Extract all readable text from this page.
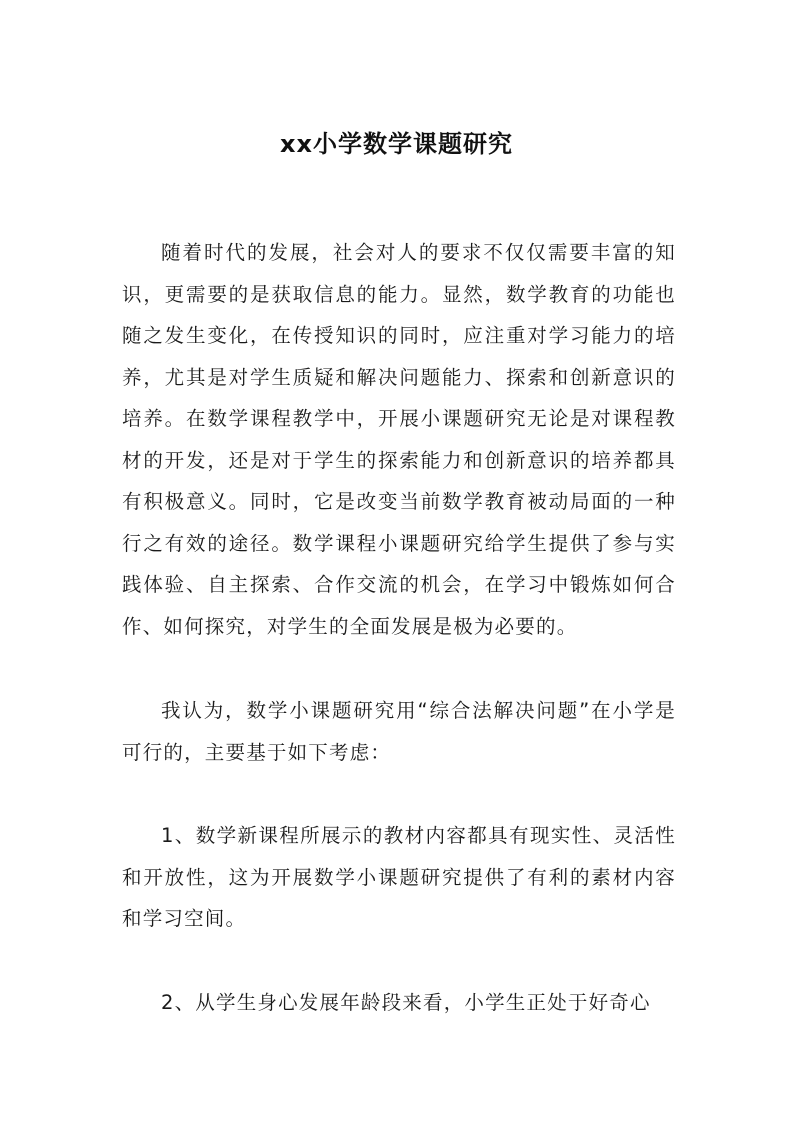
xx小学数学课题研究

随着时代的发展，社会对人的要求不仅仅需要丰富的知识，更需要的是获取信息的能力。显然，数学教育的功能也随之发生变化，在传授知识的同时，应注重对学习能力的培养，尤其是对学生质疑和解决问题能力、探索和创新意识的培养。在数学课程教学中，开展小课题研究无论是对课程教材的开发，还是对于学生的探索能力和创新意识的培养都具有积极意义。同时，它是改变当前数学教育被动局面的一种行之有效的途径。数学课程小课题研究给学生提供了参与实践体验、自主探索、合作交流的机会，在学习中锻炼如何合作、如何探究，对学生的全面发展是极为必要的。

我认为，数学小课题研究用“综合法解决问题”在小学是可行的，主要基于如下考虑：

1、数学新课程所展示的教材内容都具有现实性、灵活性和开放性，这为开展数学小课题研究提供了有利的素材内容和学习空间。

2、从学生身心发展年龄段来看，小学生正处于好奇心
